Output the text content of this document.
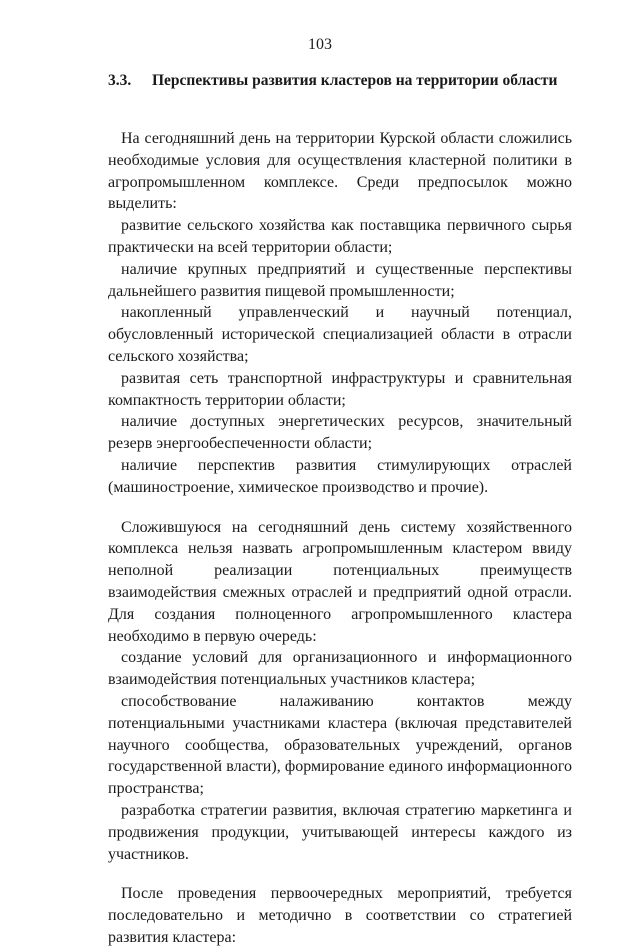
103
3.3. Перспективы развития кластеров на территории области

На сегодняшний день на территории Курской области сложились необходимые условия для осуществления кластерной политики в агропромышленном комплексе. Среди предпосылок можно выделить:

развитие сельского хозяйства как поставщика первичного сырья практически на всей территории области;

наличие крупных предприятий и существенные перспективы дальнейшего развития пищевой промышленности;

накопленный управленческий и научный потенциал, обусловленный исторической специализацией области в отрасли сельского хозяйства;

развитая сеть транспортной инфраструктуры и сравнительная компактность территории области;

наличие доступных энергетических ресурсов, значительный резерв энергообеспеченности области;

наличие перспектив развития стимулирующих отраслей (машиностроение, химическое производство и прочие).

Сложившуюся на сегодняшний день систему хозяйственного комплекса нельзя назвать агропромышленным кластером ввиду неполной реализации потенциальных преимуществ взаимодействия смежных отраслей и предприятий одной отрасли. Для создания полноценного агропромышленного кластера необходимо в первую очередь:

создание условий для организационного и информационного взаимодействия потенциальных участников кластера;

способствование налаживанию контактов между потенциальными участниками кластера (включая представителей научного сообщества, образовательных учреждений, органов государственной власти), формирование единого информационного пространства;

разработка стратегии развития, включая стратегию маркетинга и продвижения продукции, учитывающей интересы каждого из участников.

После проведения первоочередных мероприятий, требуется последовательно и методично в соответствии со стратегией развития кластера:
